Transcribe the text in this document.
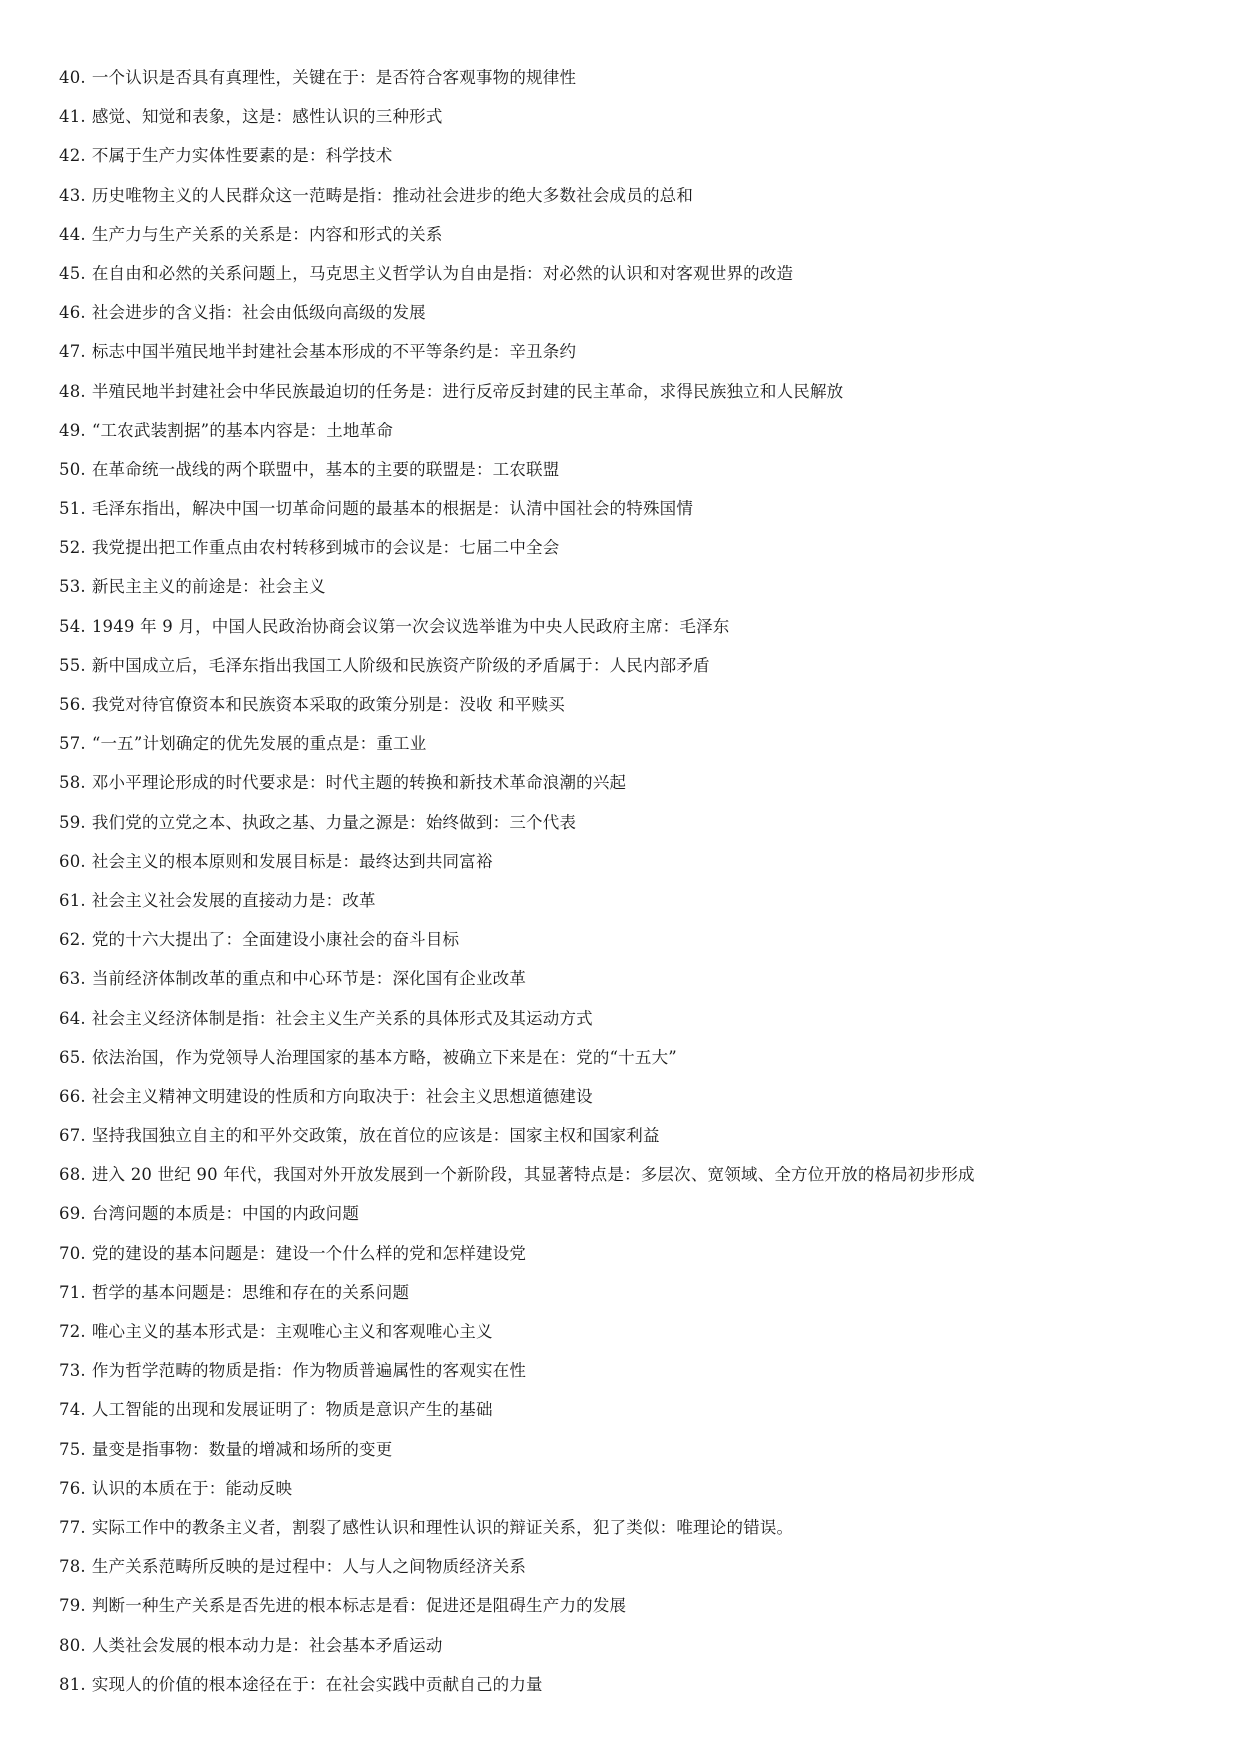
40. 一个认识是否具有真理性，关键在于：是否符合客观事物的规律性
41. 感觉、知觉和表象，这是：感性认识的三种形式
42. 不属于生产力实体性要素的是：科学技术
43. 历史唯物主义的人民群众这一范畴是指：推动社会进步的绝大多数社会成员的总和
44. 生产力与生产关系的关系是：内容和形式的关系
45. 在自由和必然的关系问题上，马克思主义哲学认为自由是指：对必然的认识和对客观世界的改造
46. 社会进步的含义指：社会由低级向高级的发展
47. 标志中国半殖民地半封建社会基本形成的不平等条约是：辛丑条约
48. 半殖民地半封建社会中华民族最迫切的任务是：进行反帝反封建的民主革命，求得民族独立和人民解放
49. “工农武装割据”的基本内容是：土地革命
50. 在革命统一战线的两个联盟中，基本的主要的联盟是：工农联盟
51. 毛泽东指出，解决中国一切革命问题的最基本的根据是：认清中国社会的特殊国情
52. 我党提出把工作重点由农村转移到城市的会议是：七届二中全会
53. 新民主主义的前途是：社会主义
54. 1949 年 9 月，中国人民政治协商会议第一次会议选举谁为中央人民政府主席：毛泽东
55. 新中国成立后，毛泽东指出我国工人阶级和民族资产阶级的矛盾属于：人民内部矛盾
56. 我党对待官僚资本和民族资本采取的政策分别是：没收 和平赎买
57. “一五”计划确定的优先发展的重点是：重工业
58. 邓小平理论形成的时代要求是：时代主题的转换和新技术革命浪潮的兴起
59. 我们党的立党之本、执政之基、力量之源是：始终做到：三个代表
60. 社会主义的根本原则和发展目标是：最终达到共同富裕
61. 社会主义社会发展的直接动力是：改革
62. 党的十六大提出了：全面建设小康社会的奋斗目标
63. 当前经济体制改革的重点和中心环节是：深化国有企业改革
64. 社会主义经济体制是指：社会主义生产关系的具体形式及其运动方式
65. 依法治国，作为党领导人治理国家的基本方略，被确立下来是在：党的“十五大”
66. 社会主义精神文明建设的性质和方向取决于：社会主义思想道德建设
67. 坚持我国独立自主的和平外交政策，放在首位的应该是：国家主权和国家利益
68. 进入 20 世纪 90 年代，我国对外开放发展到一个新阶段，其显著特点是：多层次、宽领域、全方位开放的格局初步形成
69. 台湾问题的本质是：中国的内政问题
70. 党的建设的基本问题是：建设一个什么样的党和怎样建设党
71. 哲学的基本问题是：思维和存在的关系问题
72. 唯心主义的基本形式是：主观唯心主义和客观唯心主义
73. 作为哲学范畴的物质是指：作为物质普遍属性的客观实在性
74. 人工智能的出现和发展证明了：物质是意识产生的基础
75. 量变是指事物：数量的增减和场所的变更
76. 认识的本质在于：能动反映
77. 实际工作中的教条主义者，割裂了感性认识和理性认识的辩证关系，犯了类似：唯理论的错误。
78. 生产关系范畴所反映的是过程中：人与人之间物质经济关系
79. 判断一种生产关系是否先进的根本标志是看：促进还是阻碍生产力的发展
80. 人类社会发展的根本动力是：社会基本矛盾运动
81. 实现人的价值的根本途径在于：在社会实践中贡献自己的力量
